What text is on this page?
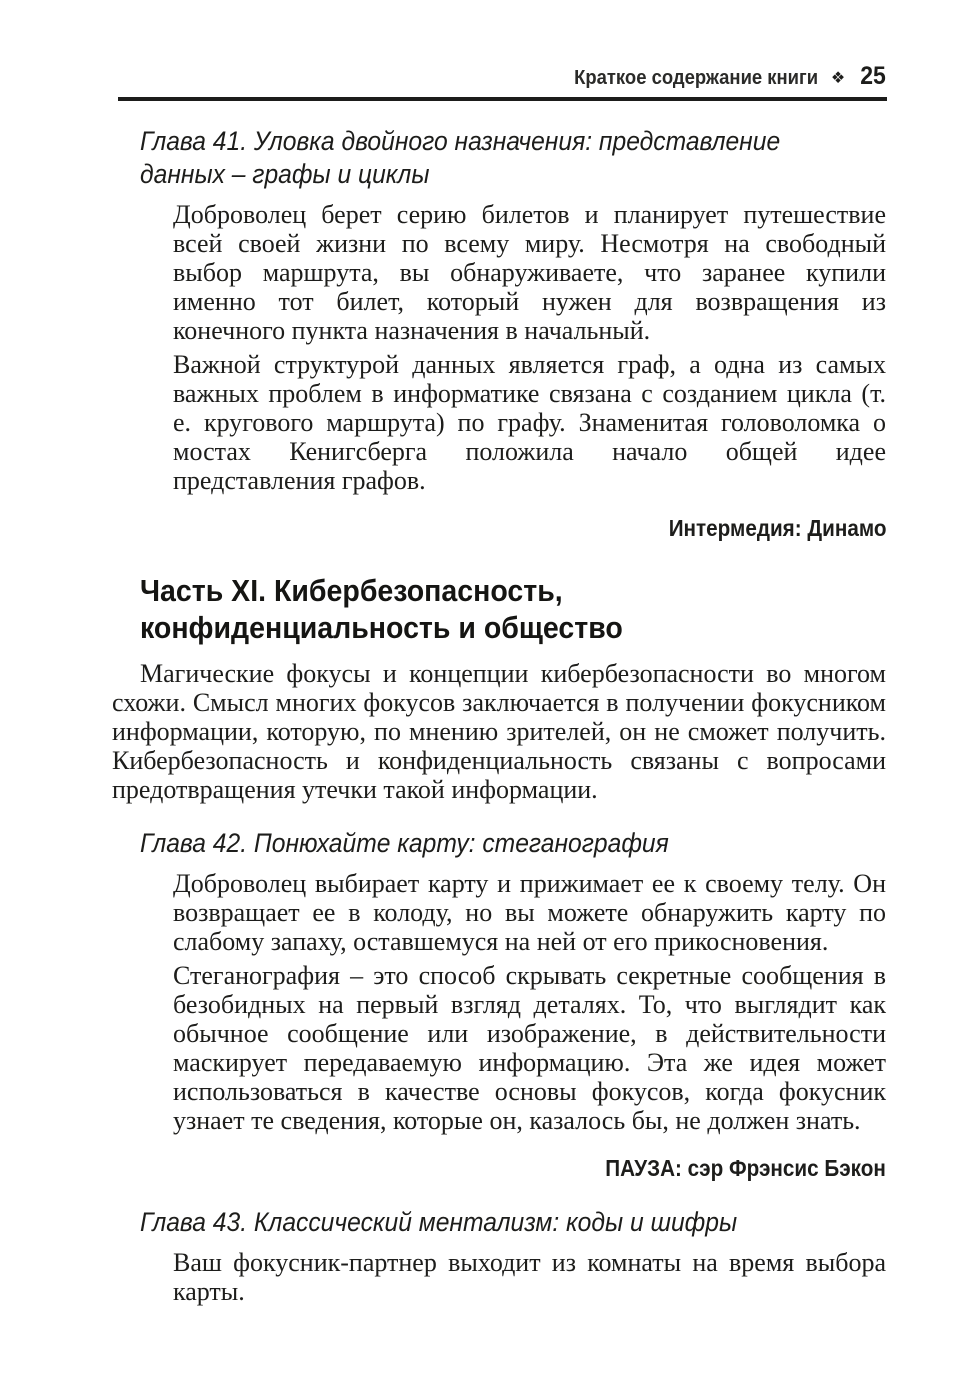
Краткое содержание книги ❖ 25
Глава 41. Уловка двойного назначения: представление данных – графы и циклы

Доброволец берет серию билетов и планирует путешествие всей своей жизни по всему миру. Несмотря на свободный выбор маршрута, вы обнаруживаете, что заранее купили именно тот билет, который нужен для возвращения из конечного пункта назначения в начальный.

Важной структурой данных является граф, а одна из самых важных проблем в информатике связана с созданием цикла (т. е. кругового маршрута) по графу. Знаменитая головоломка о мостах Кенигсберга положила начало общей идее представления графов.

Интермедия: Динамо

Часть XI. Кибербезопасность, конфиденциальность и общество

Магические фокусы и концепции кибербезопасности во многом схожи. Смысл многих фокусов заключается в получении фокусником информации, которую, по мнению зрителей, он не сможет получить. Кибербезопасность и конфиденциальность связаны с вопросами предотвращения утечки такой информации.

Глава 42. Понюхайте карту: стеганография

Доброволец выбирает карту и прижимает ее к своему телу. Он возвращает ее в колоду, но вы можете обнаружить карту по слабому запаху, оставшемуся на ней от его прикосновения.

Стеганография – это способ скрывать секретные сообщения в безобидных на первый взгляд деталях. То, что выглядит как обычное сообщение или изображение, в действительности маскирует передаваемую информацию. Эта же идея может использоваться в качестве основы фокусов, когда фокусник узнает те сведения, которые он, казалось бы, не должен знать.

ПАУЗА: сэр Фрэнсис Бэкон

Глава 43. Классический ментализм: коды и шифры

Ваш фокусник-партнер выходит из комнаты на время выбора карты.
